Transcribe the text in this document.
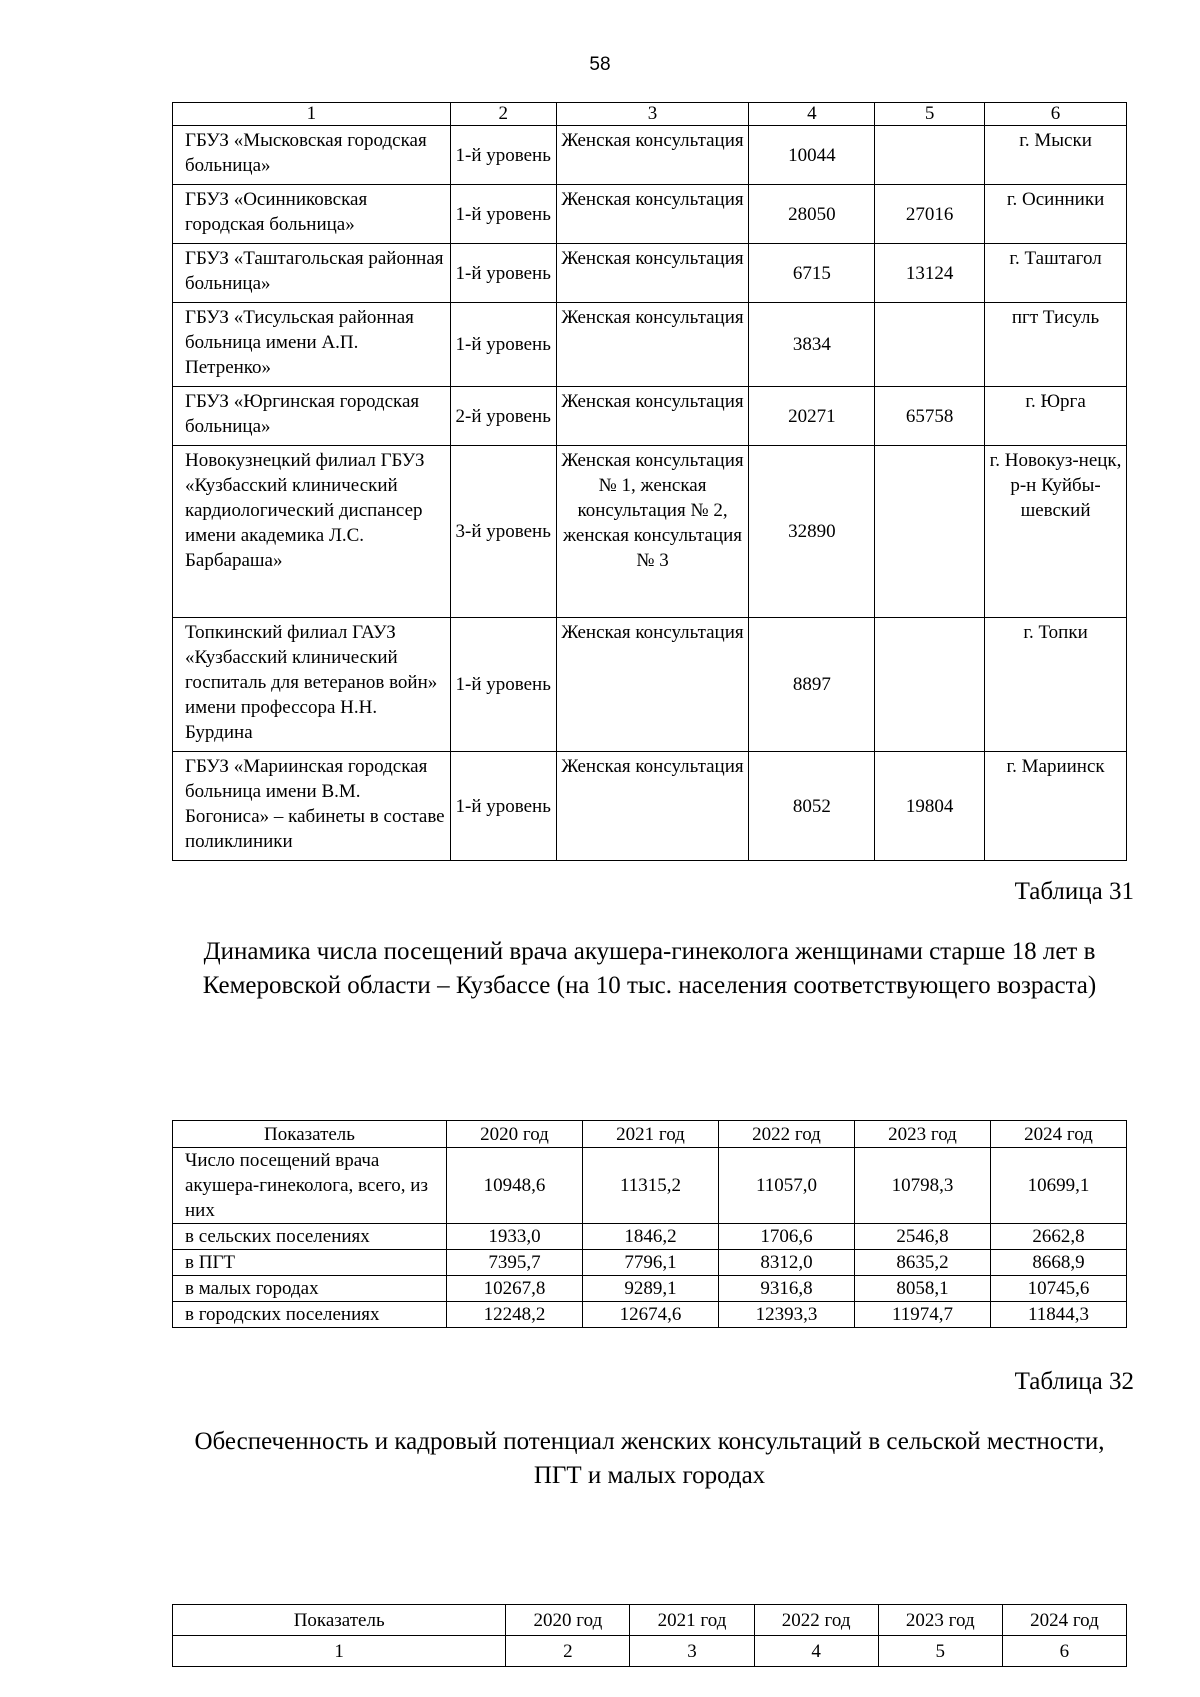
58
1	2	3	4	5	6
ГБУЗ «Мысковская городская больница»	1-й уровень	Женская консультация	10044		г. Мыски
ГБУЗ «Осинниковская городская больница»	1-й уровень	Женская консультация	28050	27016	г. Осинники
ГБУЗ «Таштагольская районная больница»	1-й уровень	Женская консультация	6715	13124	г. Таштагол
ГБУЗ «Тисульская районная больница имени А.П. Петренко»	1-й уровень	Женская консультация	3834		пгт Тисуль
ГБУЗ «Юргинская городская больница»	2-й уровень	Женская консультация	20271	65758	г. Юрга
Новокузнецкий филиал ГБУЗ «Кузбасский клинический кардиологический диспансер имени академика Л.С. Барбараша»	3-й уровень	Женская консультация № 1, женская консультация № 2, женская консультация № 3	32890		г. Новокуз-нецк, р-н Куйбы-шевский
Топкинский филиал ГАУЗ «Кузбасский клинический госпиталь для ветеранов войн» имени профессора Н.Н. Бурдина	1-й уровень	Женская консультация	8897		г. Топки
ГБУЗ «Мариинская городская больница имени В.М. Богониса» – кабинеты в составе поликлиники	1-й уровень	Женская консультация	8052	19804	г. Мариинск
Таблица 31
Динамика числа посещений врача акушера-гинеколога женщинами старше 18 лет в Кемеровской области – Кузбассе (на 10 тыс. населения соответствующего возраста)
Показатель	2020 год	2021 год	2022 год	2023 год	2024 год
Число посещений врача акушера-гинеколога, всего, из них	10948,6	11315,2	11057,0	10798,3	10699,1
в сельских поселениях	1933,0	1846,2	1706,6	2546,8	2662,8
в ПГТ	7395,7	7796,1	8312,0	8635,2	8668,9
в малых городах	10267,8	9289,1	9316,8	8058,1	10745,6
в городских поселениях	12248,2	12674,6	12393,3	11974,7	11844,3
Таблица 32
Обеспеченность и кадровый потенциал женских консультаций в сельской местности, ПГТ и малых городах
Показатель	2020 год	2021 год	2022 год	2023 год	2024 год
1	2	3	4	5	6
